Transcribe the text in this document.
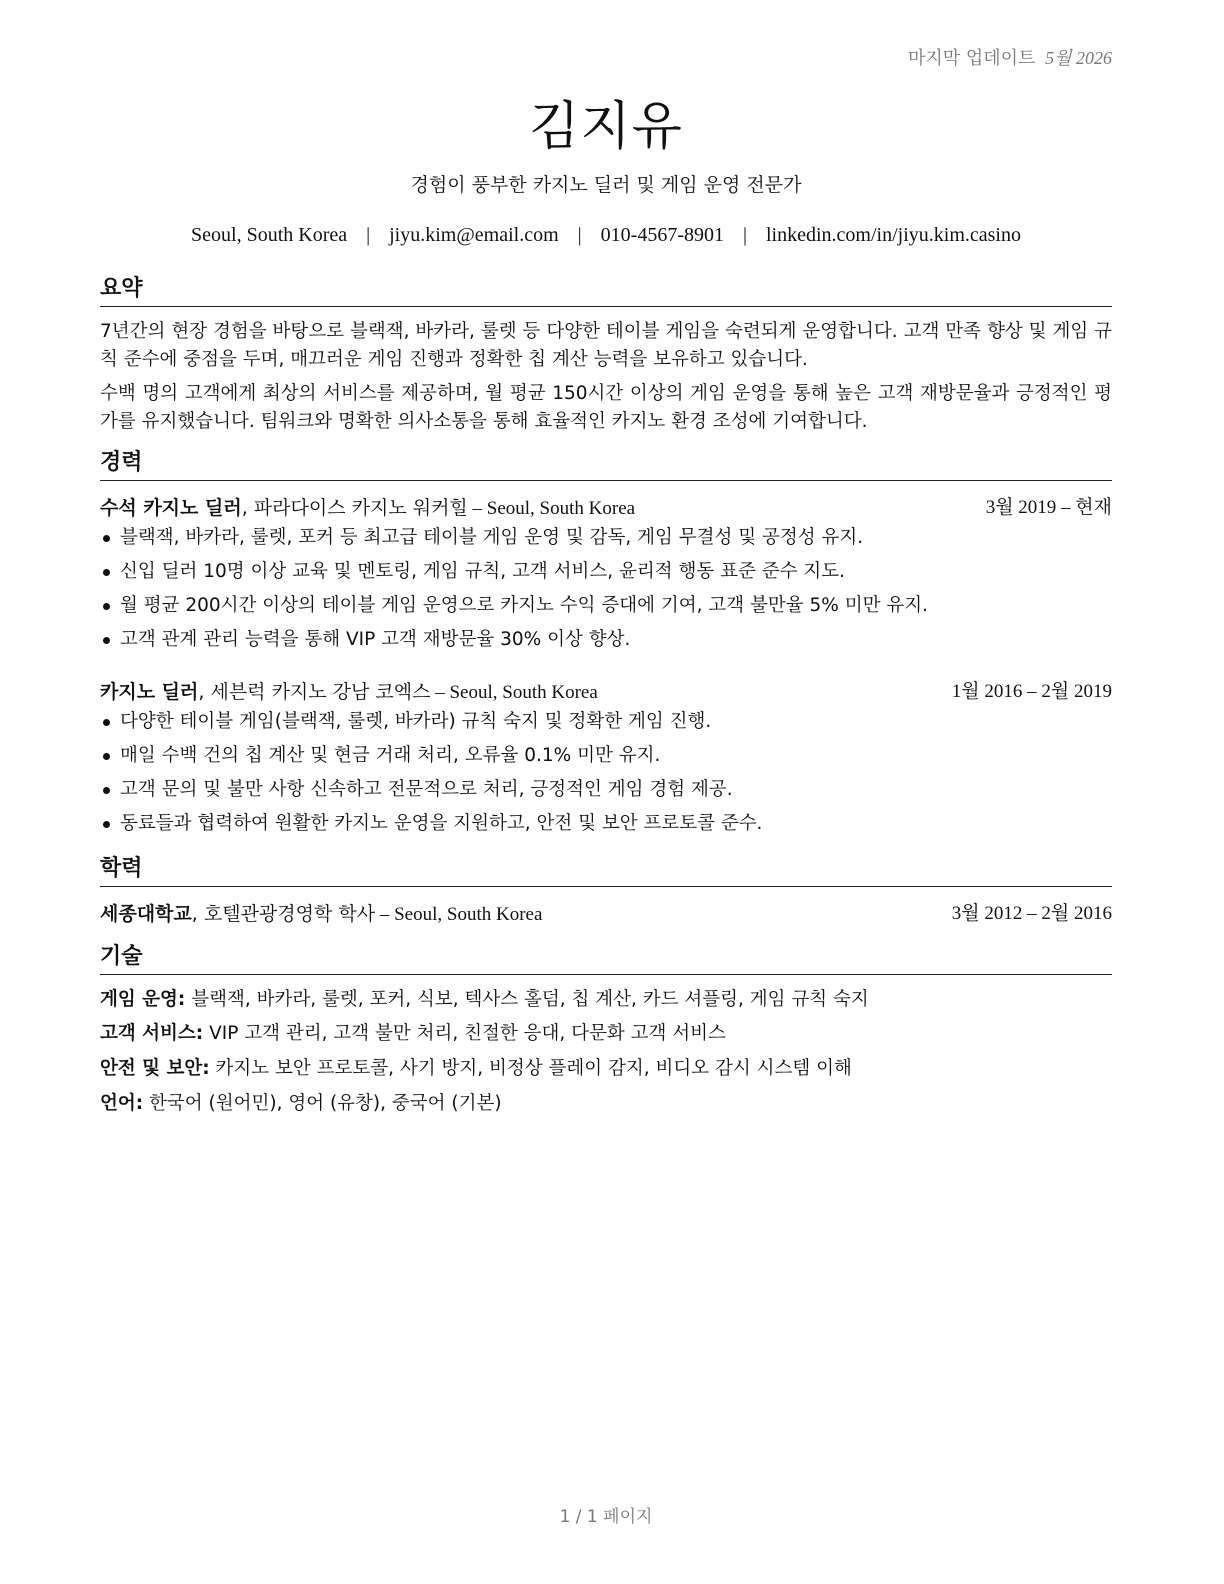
마지막 업데이트 5월 2026
김지유
경험이 풍부한 카지노 딜러 및 게임 운영 전문가
Seoul, South Korea | jiyu.kim@email.com | 010-4567-8901 | linkedin.com/in/jiyu.kim.casino
요약
7년간의 현장 경험을 바탕으로 블랙잭, 바카라, 룰렛 등 다양한 테이블 게임을 숙련되게 운영합니다. 고객 만족 향상 및 게임 규칙 준수에 중점을 두며, 매끄러운 게임 진행과 정확한 칩 계산 능력을 보유하고 있습니다.
수백 명의 고객에게 최상의 서비스를 제공하며, 월 평균 150시간 이상의 게임 운영을 통해 높은 고객 재방문율과 긍정적인 평가를 유지했습니다. 팀워크와 명확한 의사소통을 통해 효율적인 카지노 환경 조성에 기여합니다.
경력
수석 카지노 딜러, 파라다이스 카지노 워커힐 – Seoul, South Korea	3월 2019 – 현재
블랙잭, 바카라, 룰렛, 포커 등 최고급 테이블 게임 운영 및 감독, 게임 무결성 및 공정성 유지.
신입 딜러 10명 이상 교육 및 멘토링, 게임 규칙, 고객 서비스, 윤리적 행동 표준 준수 지도.
월 평균 200시간 이상의 테이블 게임 운영으로 카지노 수익 증대에 기여, 고객 불만율 5% 미만 유지.
고객 관계 관리 능력을 통해 VIP 고객 재방문율 30% 이상 향상.
카지노 딜러, 세븐럭 카지노 강남 코엑스 – Seoul, South Korea	1월 2016 – 2월 2019
다양한 테이블 게임(블랙잭, 룰렛, 바카라) 규칙 숙지 및 정확한 게임 진행.
매일 수백 건의 칩 계산 및 현금 거래 처리, 오류율 0.1% 미만 유지.
고객 문의 및 불만 사항 신속하고 전문적으로 처리, 긍정적인 게임 경험 제공.
동료들과 협력하여 원활한 카지노 운영을 지원하고, 안전 및 보안 프로토콜 준수.
학력
세종대학교, 호텔관광경영학 학사 – Seoul, South Korea	3월 2012 – 2월 2016
기술
게임 운영: 블랙잭, 바카라, 룰렛, 포커, 식보, 텍사스 홀덤, 칩 계산, 카드 셔플링, 게임 규칙 숙지
고객 서비스: VIP 고객 관리, 고객 불만 처리, 친절한 응대, 다문화 고객 서비스
안전 및 보안: 카지노 보안 프로토콜, 사기 방지, 비정상 플레이 감지, 비디오 감시 시스템 이해
언어: 한국어 (원어민), 영어 (유창), 중국어 (기본)
1 / 1 페이지
